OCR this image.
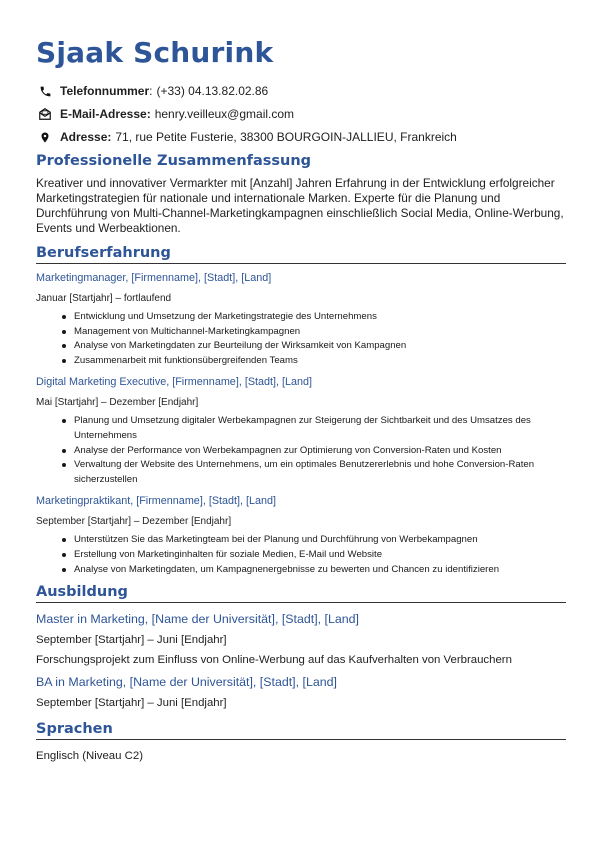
Sjaak Schurink
Telefonnummer: (+33) 04.13.82.02.86
E-Mail-Adresse: henry.veilleux@gmail.com
Adresse: 71, rue Petite Fusterie, 38300 BOURGOIN-JALLIEU, Frankreich
Professionelle Zusammenfassung

Kreativer und innovativer Vermarkter mit [Anzahl] Jahren Erfahrung in der Entwicklung erfolgreicher Marketingstrategien für nationale und internationale Marken. Experte für die Planung und Durchführung von Multi-Channel-Marketingkampagnen einschließlich Social Media, Online-Werbung, Events und Werbeaktionen.

Berufserfahrung
Marketingmanager, [Firmenname], [Stadt], [Land]
Januar [Startjahr] – fortlaufend
Entwicklung und Umsetzung der Marketingstrategie des Unternehmens
Management von Multichannel-Marketingkampagnen
Analyse von Marketingdaten zur Beurteilung der Wirksamkeit von Kampagnen
Zusammenarbeit mit funktionsübergreifenden Teams
Digital Marketing Executive, [Firmenname], [Stadt], [Land]
Mai [Startjahr] – Dezember [Endjahr]
Planung und Umsetzung digitaler Werbekampagnen zur Steigerung der Sichtbarkeit und des Umsatzes des Unternehmens
Analyse der Performance von Werbekampagnen zur Optimierung von Conversion-Raten und Kosten
Verwaltung der Website des Unternehmens, um ein optimales Benutzererlebnis und hohe Conversion-Raten sicherzustellen
Marketingpraktikant, [Firmenname], [Stadt], [Land]
September [Startjahr] – Dezember [Endjahr]
Unterstützen Sie das Marketingteam bei der Planung und Durchführung von Werbekampagnen
Erstellung von Marketinginhalten für soziale Medien, E-Mail und Website
Analyse von Marketingdaten, um Kampagnenergebnisse zu bewerten und Chancen zu identifizieren
Ausbildung
Master in Marketing, [Name der Universität], [Stadt], [Land]
September [Startjahr] – Juni [Endjahr]
Forschungsprojekt zum Einfluss von Online-Werbung auf das Kaufverhalten von Verbrauchern
BA in Marketing, [Name der Universität], [Stadt], [Land]
September [Startjahr] – Juni [Endjahr]
Sprachen
Englisch (Niveau C2)
